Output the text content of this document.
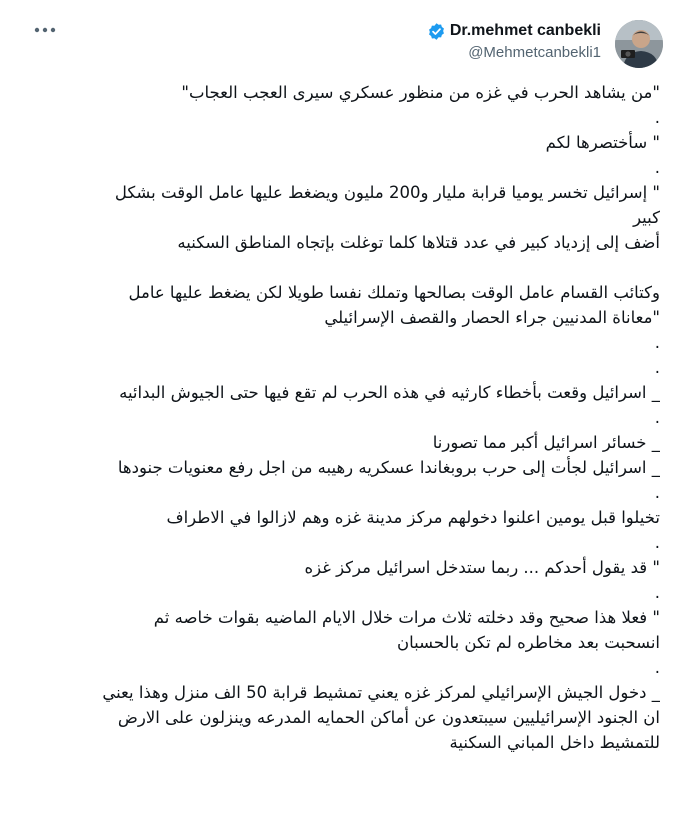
Dr.mehmet canbekli
@Mehmetcanbekli1
"من يشاهد الحرب في غزه من منظور عسكري سيرى العجب العجاب"
.
" سأختصرها لكم
.
" إسرائيل تخسر يوميا قرابة مليار و200 مليون ويضغط عليها عامل الوقت بشكل
كبير
أضف إلى إزدياد كبير في عدد قتلاها كلما توغلت بإتجاه المناطق السكنيه
وكتائب القسام عامل الوقت بصالحها وتملك نفسا طويلا لكن يضغط عليها عامل
"معاناة المدنيين جراء الحصار والقصف الإسرائيلي
.
.
_ اسرائيل وقعت بأخطاء كارثيه في هذه الحرب لم تقع فيها حتى الجيوش البدائيه
.
_ خسائر اسرائيل أكبر مما تصورنا
_ اسرائيل لجأت إلى حرب بروبغاندا عسكريه رهيبه من اجل رفع معنويات جنودها
.
تخيلوا قبل يومين اعلنوا دخولهم مركز مدينة غزه وهم لازالوا في الاطراف
.
" قد يقول أحدكم ... ربما ستدخل اسرائيل مركز غزه
.
" فعلا هذا صحيح وقد دخلته ثلاث مرات خلال الايام الماضيه بقوات خاصه ثم
انسحبت بعد مخاطره لم تكن بالحسبان
.
_ دخول الجيش الإسرائيلي لمركز غزه يعني تمشيط قرابة 50 الف منزل وهذا يعني
ان الجنود الإسرائيليين سيبتعدون عن أماكن الحمايه المدرعه وينزلون على الارض
للتمشيط داخل المباني السكنية
